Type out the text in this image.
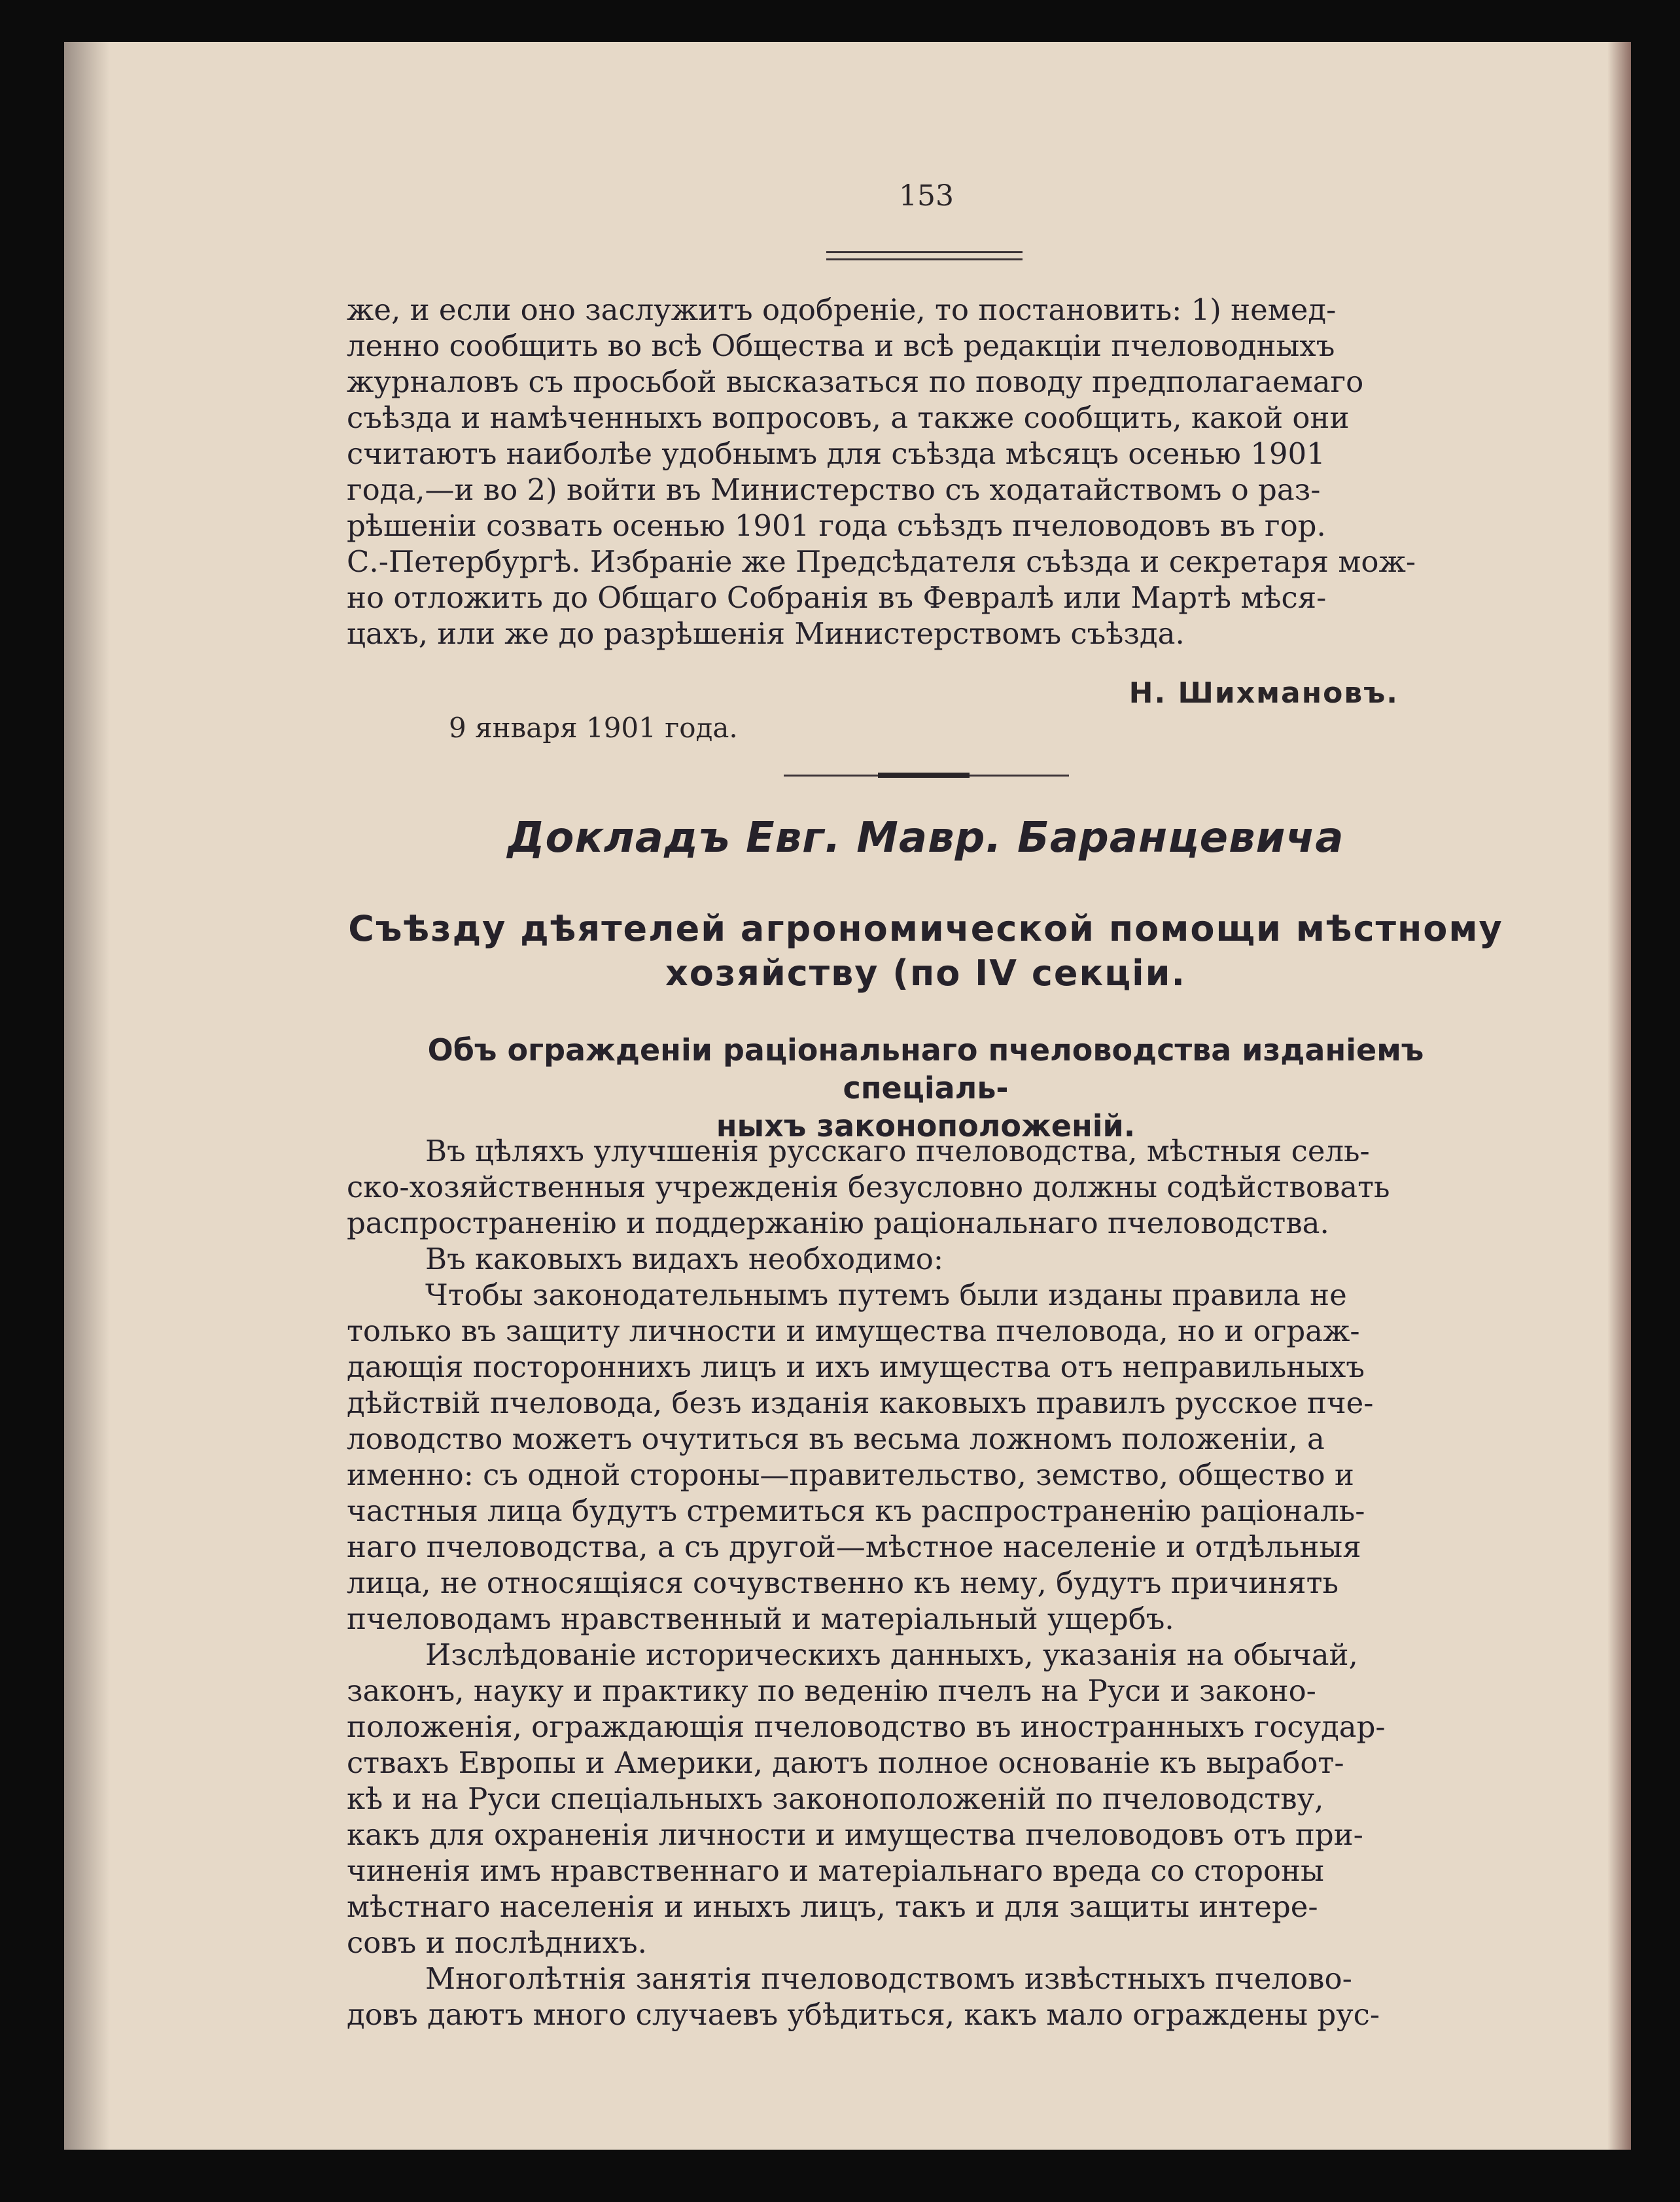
153
же, и если оно заслужитъ одобреніе, то постановить: 1) немед-
ленно сообщить во всѣ Общества и всѣ редакціи пчеловодныхъ
журналовъ съ просьбой высказаться по поводу предполагаемаго
съѣзда и намѣченныхъ вопросовъ, а также сообщить, какой они
считаютъ наиболѣе удобнымъ для съѣзда мѣсяцъ осенью 1901
года,—и во 2) войти въ Министерство съ ходатайствомъ о раз-
рѣшеніи созвать осенью 1901 года съѣздъ пчеловодовъ въ гор.
С.-Петербургѣ. Избраніе же Предсѣдателя съѣзда и секретаря мож-
но отложить до Общаго Собранія въ Февралѣ или Мартѣ мѣся-
цахъ, или же до разрѣшенія Министерствомъ съѣзда.
Н. Шихмановъ.
9 января 1901 года.
Докладъ Евг. Мавр. Баранцевича
Съѣзду дѣятелей агрономической помощи мѣстному
хозяйству (по IV секціи.
Объ огражденіи раціональнаго пчеловодства изданіемъ спеціаль-
ныхъ законоположеній.
Въ цѣляхъ улучшенія русскаго пчеловодства, мѣстныя сель-
ско-хозяйственныя учрежденія безусловно должны содѣйствовать
распространенію и поддержанію раціональнаго пчеловодства.
Въ каковыхъ видахъ необходимо:
Чтобы законодательнымъ путемъ были изданы правила не
только въ защиту личности и имущества пчеловода, но и ограж-
дающія постороннихъ лицъ и ихъ имущества отъ неправильныхъ
дѣйствій пчеловода, безъ изданія каковыхъ правилъ русское пче-
ловодство можетъ очутиться въ весьма ложномъ положеніи, а
именно: съ одной стороны—правительство, земство, общество и
частныя лица будутъ стремиться къ распространенію раціональ-
наго пчеловодства, а съ другой—мѣстное населеніе и отдѣльныя
лица, не относящіяся сочувственно къ нему, будутъ причинять
пчеловодамъ нравственный и матеріальный ущербъ.
Изслѣдованіе историческихъ данныхъ, указанія на обычай,
законъ, науку и практику по веденію пчелъ на Руси и законо-
положенія, ограждающія пчеловодство въ иностранныхъ государ-
ствахъ Европы и Америки, даютъ полное основаніе къ выработ-
кѣ и на Руси спеціальныхъ законоположеній по пчеловодству,
какъ для охраненія личности и имущества пчеловодовъ отъ при-
чиненія имъ нравственнаго и матеріальнаго вреда со стороны
мѣстнаго населенія и иныхъ лицъ, такъ и для защиты интере-
совъ и послѣднихъ.
Многолѣтнія занятія пчеловодствомъ извѣстныхъ пчелово-
довъ даютъ много случаевъ убѣдиться, какъ мало ограждены рус-
